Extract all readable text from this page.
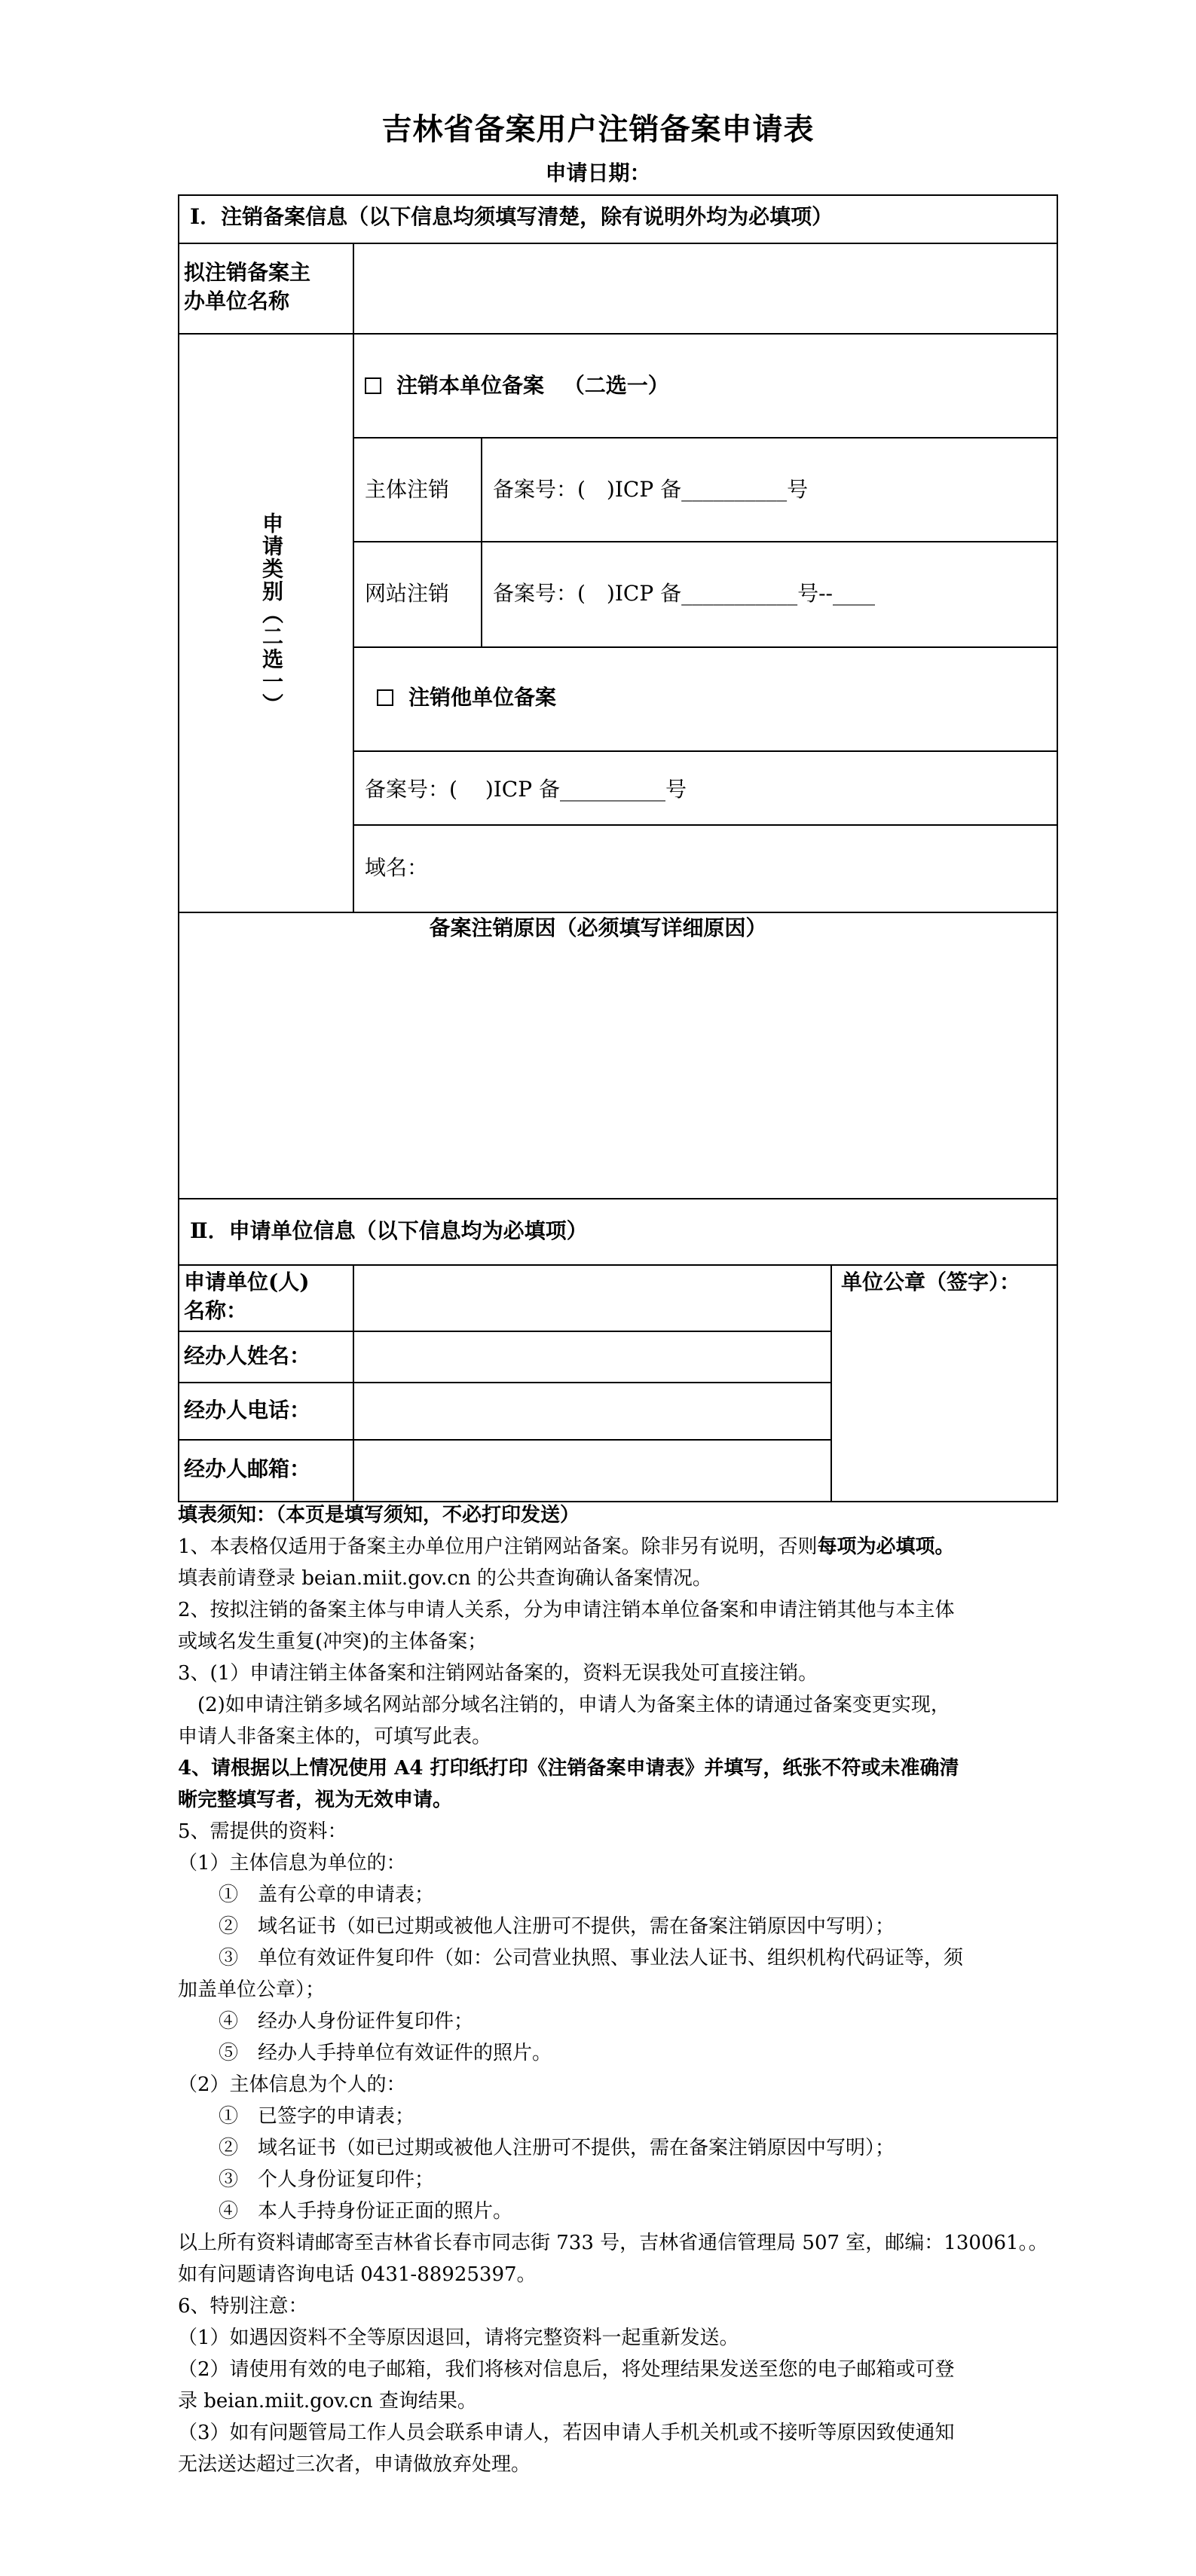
吉林省备案用户注销备案申请表
申请日期：
Ⅰ．注销备案信息（以下信息均须填写清楚，除有说明外均为必填项）
拟注销备案主
办单位名称
申请类别（二选一）
注销本单位备案 （二选一）
主体注销 备案号：(　)ICP 备__________号
网站注销 备案号：(　)ICP 备___________号--____
注销他单位备案
备案号：(　 )ICP 备__________号
域名：
备案注销原因（必须填写详细原因）
Ⅱ．申请单位信息（以下信息均为必填项）
申请单位(人)
名称：
经办人姓名：
经办人电话：
经办人邮箱：
单位公章（签字）：

填表须知：（本页是填写须知，不必打印发送）

1、本表格仅适用于备案主办单位用户注销网站备案。除非另有说明，否则每项为必填项。

填表前请登录 beian.miit.gov.cn 的公共查询确认备案情况。

2、按拟注销的备案主体与申请人关系，分为申请注销本单位备案和申请注销其他与本主体

或域名发生重复(冲突)的主体备案；

3、(1）申请注销主体备案和注销网站备案的，资料无误我处可直接注销。

(2)如申请注销多域名网站部分域名注销的，申请人为备案主体的请通过备案变更实现，

申请人非备案主体的，可填写此表。

4、请根据以上情况使用 A4 打印纸打印《注销备案申请表》并填写，纸张不符或未准确清

晰完整填写者，视为无效申请。

5、需提供的资料：

（1）主体信息为单位的：

①　盖有公章的申请表；

②　域名证书（如已过期或被他人注册可不提供，需在备案注销原因中写明）；

③　单位有效证件复印件（如：公司营业执照、事业法人证书、组织机构代码证等，须

加盖单位公章）；

④　经办人身份证件复印件；

⑤　经办人手持单位有效证件的照片。

（2）主体信息为个人的：

①　已签字的申请表；

②　域名证书（如已过期或被他人注册可不提供，需在备案注销原因中写明）；

③　个人身份证复印件；

④　本人手持身份证正面的照片。

以上所有资料请邮寄至吉林省长春市同志街 733 号，吉林省通信管理局 507 室，邮编：130061。。

如有问题请咨询电话 0431-88925397。

6、特别注意：

（1）如遇因资料不全等原因退回，请将完整资料一起重新发送。

（2）请使用有效的电子邮箱，我们将核对信息后，将处理结果发送至您的电子邮箱或可登

录 beian.miit.gov.cn 查询结果。

（3）如有问题管局工作人员会联系申请人，若因申请人手机关机或不接听等原因致使通知

无法送达超过三次者，申请做放弃处理。
